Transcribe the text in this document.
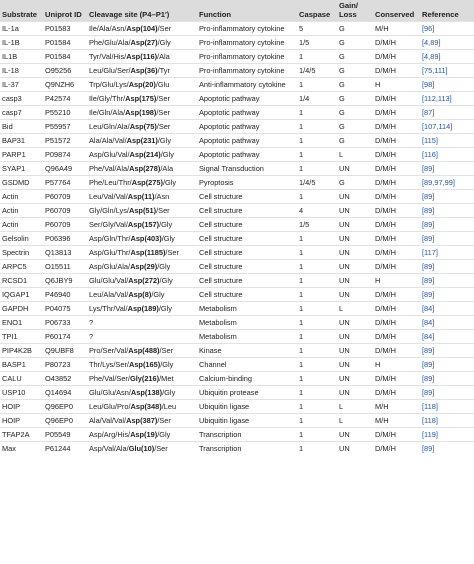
Substrate	Uniprot ID	Cleavage site (P4–P1′)	Function	Caspase	Gain/ Loss	Conserved	Reference
IL-1a	P01583	Ile/Ala/Asn/Asp(104)/Ser	Pro-inflammatory cytokine	5	G	M/H	[96]
IL-1B	P01584	Phe/Glu/Ala/Asp(27)/Gly	Pro-inflammatory cytokine	1/5	G	D/M/H	[4,89]
IL1B	P01584	Tyr/Val/His/Asp(116)/Ala	Pro-inflammatory cytokine	1	G	D/M/H	[4,89]
IL-18	O95256	Leu/Glu/Ser/Asp(36)/Tyr	Pro-inflammatory cytokine	1/4/5	G	D/M/H	[75,111]
IL-37	Q9NZH6	Trp/Glu/Lys/Asp(20)/Glu	Anti-inflammatory cytokine	1	G	H	[98]
casp3	P42574	Ile/Gly/Thr/Asp(175)/Ser	Apoptotic pathway	1/4	G	D/M/H	[112,113]
casp7	P55210	Ile/Gln/Ala/Asp(198)/Ser	Apoptotic pathway	1	G	D/M/H	[87]
Bid	P55957	Leu/Gln/Ala/Asp(75)/Ser	Apoptotic pathway	1	G	D/M/H	[107,114]
BAP31	P51572	Ala/Ala/Val/Asp(231)/Gly	Apoptotic pathway	1	G	D/M/H	[115]
PARP1	P09874	Asp/Glu/Val/Asp(214)/Gly	Apoptotic pathway	1	L	D/M/H	[116]
SYAP1	Q96A49	Phe/Val/Ala/Asp(278)/Ala	Signal Transduction	1	UN	D/M/H	[89]
GSDMD	P57764	Phe/Leu/Thr/Asp(275)/Gly	Pyroptosis	1/4/5	G	D/M/H	[89,97,99]
Actin	P60709	Leu/Val/Val/Asp(11)/Asn	Cell structure	1	UN	D/M/H	[89]
Actin	P60709	Gly/Gln/Lys/Asp(51)/Ser	Cell structure	4	UN	D/M/H	[89]
Actin	P60709	Ser/Gly/Val/Asp(157)/Gly	Cell structure	1/5	UN	D/M/H	[89]
Gelsolin	P06396	Asp/Gln/Thr/Asp(403)/Gly	Cell structure	1	UN	D/M/H	[89]
Spectrin	Q13813	Asp/Glu/Thr/Asp(1185)/Ser	Cell structure	1	UN	D/M/H	[117]
ARPC5	O15511	Asp/Glu/Ala/Asp(29)/Gly	Cell structure	1	UN	D/M/H	[89]
RCSD1	Q6JBY9	Glu/Glu/Val/Asp(272)/Gly	Cell structure	1	UN	H	[89]
IQGAP1	P46940	Leu/Ala/Val/Asp(8)/Gly	Cell structure	1	UN	D/M/H	[89]
GAPDH	P04075	Lys/Thr/Val/Asp(189)/Gly	Metabolism	1	L	D/M/H	[84]
ENO1	P06733	?	Metabolism	1	UN	D/M/H	[84]
TPI1	P60174	?	Metabolism	1	UN	D/M/H	[84]
PIP4K2B	Q9UBF8	Pro/Ser/Val/Asp(488)/Ser	Kinase	1	UN	D/M/H	[89]
BASP1	P80723	Thr/Lys/Ser/Asp(165)/Gly	Channel	1	UN	H	[89]
CALU	O43852	Phe/Val/Ser/Gly(216)/Met	Calcium-binding	1	UN	D/M/H	[89]
USP10	Q14694	Glu/Glu/Asn/Asp(138)/Gly	Ubiquitin protease	1	UN	D/M/H	[89]
HOIP	Q96EP0	Leu/Glu/Pro/Asp(348)/Leu	Ubiquitin ligase	1	L	M/H	[118]
HOIP	Q96EP0	Ala/Val/Val/Asp(387)/Ser	Ubiquitin ligase	1	L	M/H	[118]
TFAP2A	P05549	Asp/Arg/His/Asp(19)/Gly	Transcription	1	UN	D/M/H	[119]
Max	P61244	Asp/Val/Ala/Glu(10)/Ser	Transcription	1	UN	D/M/H	[89]
